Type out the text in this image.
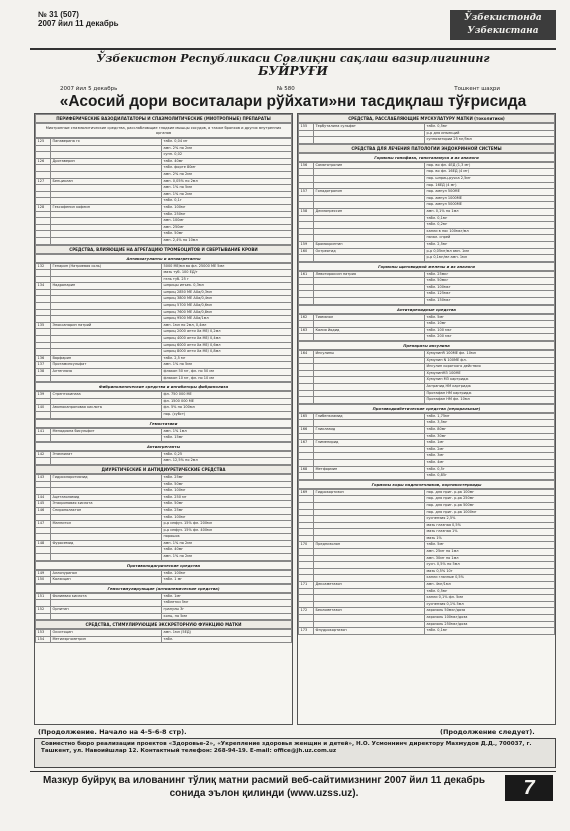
№ 31 (507)
2007 йил 11 декабрь
Ўзбекистонда
Узбекистана
Ўзбекистон Республикаси Соғлиқни сақлаш вазирлигининг
БУЙРУҒИ
2007 йил 5 декабрь	№ 580	Тошкент шаҳри
«Асосий дори воситалари рўйхати»ни тасдиқлаш тўғрисида
ПЕРИФЕРИЧЕСКИЕ ВАЗОДИЛАТАТОРЫ И СПАЗМОЛИТИЧЕСКИЕ (МИОТРОПНЫЕ) ПРЕПАРАТЫ
Миотропные спазмолитические средства, расслабляющие гладкие мышцы сосудов, а также бронхов и других внутренних органов
125	Папаверина гх	табл. 0,04 мг
		амп. 2% по 2мл
		супп. 0,02
126	Дротаверин	табл. 40мг
		табл. форте 80мг
		амп. 2% по 2мл
127	Бенциклан	амп. 0,05% по 2мл
		амп. 1% по 5мл
		амп. 1% по 2мл
		табл. 0,1г
128	Гексафенил кофеин	табл. 100мг
		табл. 250мг
		амп. 100мг
		амп. 250мг
		табл. 50мг
		амп. 2,4% по 10мл
СРЕДСТВА, ВЛИЯЮЩИЕ НА АГРЕГАЦИЮ ТРОМБОЦИТОВ И СВЕРТЫВАНИЕ КРОВИ
Антикоагулянты и антиагреганты
132	Гепарин (Натриевая соль)	5000 МЕ/мл во фл. 25000 МЕ 5мл
		мазь туб. 100 ЕД/г
		гель туб. 25 г
134	Надропарин	шприцы инъек. 0,3мл
		шприц 2850 ME AXa/0,3мл
		шприц 3800 ME AXa/0,4мл
		шприц 5700 ME AXa/0,6мл
		шприц 7600 ME AXa/0,8мл
		шприц 9500 ME AXa/1мл
135	Эноксапарин натрий	амп. 1мл по 2мл, 0,4мл
		шприц 2000 анти Xa ME/ 0,2мл
		шприц 4000 анти Xa ME/ 0,4мл
		шприц 6000 анти Xa ME/ 0,6мл
		шприц 8000 анти Xa ME/ 0,8мл
136	Варфарин	табл. 2,5 мг
137	Протаминсульфат	амп. 1% по 5мл
138	Алтеплаза	флакон 50 мг, фл. по 50 мл
		флакон 10 мг, фл. по 10 мл
Фибринолитические средства и ингибиторы фибринолиза
139	Стрептокиназа	фл. 750 000 МЕ
		фл. 1500 000 МЕ
140	Аминокапроновая кислота	фл. 5% по 100мл
		пор. (субст)
Гемостатики
141	Менадиона бисульфит	амп. 1% 1мл
		табл. 15мг
Антиагреганты
142	Этамзилат	табл. 0,25
		амп. 12,5% по 2мл
ДИУРЕТИЧЕСКИЕ И АНТИДИУРЕТИЧЕСКИЕ СРЕДСТВА
143	Гидрохлоротиазид	табл. 25мг
		табл. 50мг
		табл. 100мг
144	Ацетазоламид	табл. 250 мг
145	Этакриновая кислота	табл. 50мг
146	Спиронолактон	табл. 25мг
		табл. 100мг
147	Маннитол	р-р инфуз. 15% фл. 200мл
		р-р инфуз. 15% фл. 400мл
		порошок
148	Фуросемид	амп. 1% по 2мл
		табл. 40мг
		амп. 1% по 2мл
Противоподагрические средства
149	Аллопуринол	табл. 100мг
150	Колхицин	табл. 1 мг
Гемостимулирующие (антианемические средства)
151	Фолиевая кислота	табл. 1мг
		таблетки 5мг
152	Орнитин	гранулы 3г
		конц. по 5мл
СРЕДСТВА, СТИМУЛИРУЮЩИЕ ЭКСКРЕТОРНУЮ ФУНКЦИЮ МАТКИ
153	Окситоцин	амп. 1мл (5ЕД)
154	Метилэргометрин	табл.
СРЕДСТВА, РАССЛАБЛЯЮЩИЕ МУСКУЛАТУРУ МАТКИ (токолитики)
155	Тербуталина сульфат	табл. 0,5мг
		р-р для инъекций
		суппозитории 25 мг/5мл
СРЕДСТВА ДЛЯ ЛЕЧЕНИЯ ПАТОЛОГИИ ЭНДОКРИННОЙ СИСТЕМЫ
Гормоны гипофиза, гипоталамуса и их аналоги
156	Соматотропин	пор. во фл. 4ЕД (1,3 мг)
		пор. во фл. 16ЕД (4 мг)
		пор. шприц-ручка 2,5мг
		пор. 16ЕД (4 мг)
157	Гонадотропин	пор. ампул 500МЕ
		пор. ампул 1000МЕ
		пор. ампул 5000МЕ
158	Десмопрессин	амп. 0,1% по 1мл
		табл. 0,1мг
		табл. 0,2мг
		капли в нос 100мкг/мл
		назал. спрей
159	Бромокриптин	табл. 2,5мг
160	Октреотид	р-р 0,05мг/мл амп. 1мл
		р-р 0,1мг/мл амп. 1мл
Гормоны щитовидной железы и их аналоги
161	Левотироксин натрия	табл. 25мкг
		табл. 50мкг
		табл. 100мкг
		табл. 125мкг
		табл. 150мкг
Антитиреоидные средства
162	Тиамазол	табл. 5мг
		табл. 10мг
163	Калия йодид	табл. 100 мкг
		табл. 200 мкг
Препараты инсулина
164	Инсулины	ХумулинR 100МЕ фл. 10мл
		Хумулин N 100МЕ фл.
		Инсулин короткого действия
		ХумулинM3 100МЕ
		Хумулин M3 картридж
		Актрапид НМ картридж
		Протафан НМ картридж
		Протафан НМ фл. 10мл
Противодиабетические средства (пероральные)
165	Глибенкламид	табл. 1,75мг
		табл. 3,5мг
166	Гликлазид	табл. 80мг
		табл. 30мг
167	Глимепирид	табл. 1мг
		табл. 2мг
		табл. 3мг
		табл. 4мг
168	Метформин	табл. 0,5г
		табл. 0,85г
Гормоны коры надпочечников, кортикостероиды
169	Гидрокортизон	пор. для приг. р-ра 100мг
		пор. для приг. р-ра 250мг
		пор. для приг. р-ра 500мг
		пор. для приг. р-ра 1000мг
		суспензия 2,5%
		мазь глазная 0,5%
		мазь глазная 1%
		мазь 1%
170	Преднизолон	табл. 5мг
		амп. 25мг по 1мл
		амп. 30мг по 1мл
		сусп. 0,5% по 5мл
		мазь 0,5% 10г
		капли глазные 0,5%
171	Дексаметазон	амп. 4мг/1мл
		табл. 0,5мг
		капли 0,1% фл. 5мл
		суспензия 0,1% 5мл
172	Беклометазон	аэрозоль 50мкг/доза
		аэрозоль 100мкг/доза
		аэрозоль 250мкг/доза
173	Флудрокортизон	табл. 0,1мг
(Продолжение. Начало на 4-5-6-8 стр).	(Продолжение следует).
Совместно бюро реализации проектов «Здоровье-2», «Укрепление здоровья женщин и детей», Н.О. Усмоннинч директору Махмудов Д.Д., 700037, г. Ташкент, ул. Навоийшлар 12. Контактный телефон: 268-94-19. E-mail: office@jh.uz.com.uz
Мазкур буйруқ ва илованинг тўлиқ матни расмий веб-сайтимизнинг 2007 йил 11 декабрь сонида эълон қилинди (www.uzss.uz).	7
